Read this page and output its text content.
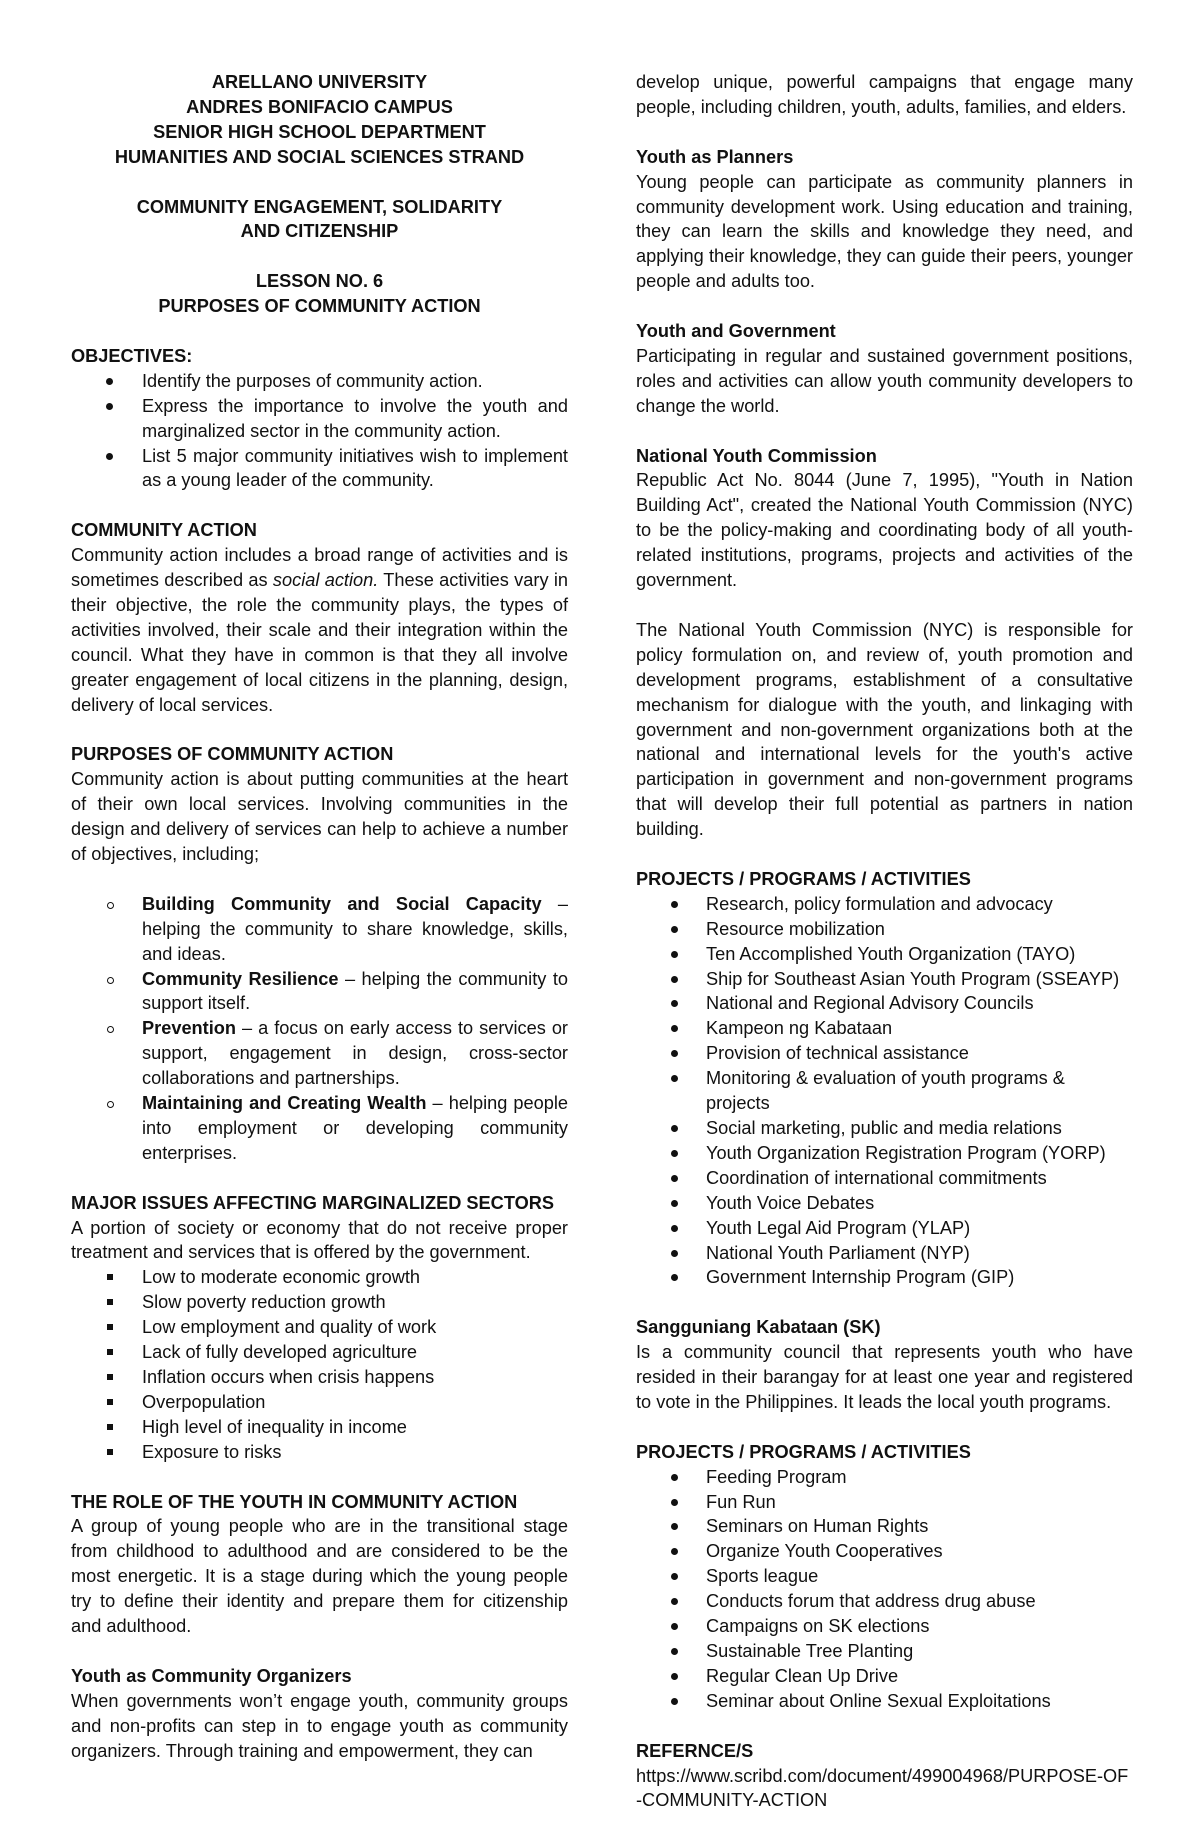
ARELLANO UNIVERSITY
ANDRES BONIFACIO CAMPUS
SENIOR HIGH SCHOOL DEPARTMENT
HUMANITIES AND SOCIAL SCIENCES STRAND
COMMUNITY ENGAGEMENT, SOLIDARITY
AND CITIZENSHIP
LESSON NO. 6
PURPOSES OF COMMUNITY ACTION
OBJECTIVES:
Identify the purposes of community action.
Express the importance to involve the youth and marginalized sector in the community action.
List 5 major community initiatives wish to implement as a young leader of the community.
COMMUNITY ACTION
Community action includes a broad range of activities and is sometimes described as social action. These activities vary in their objective, the role the community plays, the types of activities involved, their scale and their integration within the council. What they have in common is that they all involve greater engagement of local citizens in the planning, design, delivery of local services.
PURPOSES OF COMMUNITY ACTION
Community action is about putting communities at the heart of their own local services. Involving communities in the design and delivery of services can help to achieve a number of objectives, including;
Building Community and Social Capacity – helping the community to share knowledge, skills, and ideas.
Community Resilience – helping the community to support itself.
Prevention – a focus on early access to services or support, engagement in design, cross-sector collaborations and partnerships.
Maintaining and Creating Wealth – helping people into employment or developing community enterprises.
MAJOR ISSUES AFFECTING MARGINALIZED SECTORS
A portion of society or economy that do not receive proper treatment and services that is offered by the government.
Low to moderate economic growth
Slow poverty reduction growth
Low employment and quality of work
Lack of fully developed agriculture
Inflation occurs when crisis happens
Overpopulation
High level of inequality in income
Exposure to risks
THE ROLE OF THE YOUTH IN COMMUNITY ACTION
A group of young people who are in the transitional stage from childhood to adulthood and are considered to be the most energetic. It is a stage during which the young people try to define their identity and prepare them for citizenship and adulthood.
Youth as Community Organizers
When governments won’t engage youth, community groups and non-profits can step in to engage youth as community organizers. Through training and empowerment, they can
develop unique, powerful campaigns that engage many people, including children, youth, adults, families, and elders.
Youth as Planners
Young people can participate as community planners in community development work. Using education and training, they can learn the skills and knowledge they need, and applying their knowledge, they can guide their peers, younger people and adults too.
Youth and Government
Participating in regular and sustained government positions, roles and activities can allow youth community developers to change the world.
National Youth Commission
Republic Act No. 8044 (June 7, 1995), "Youth in Nation Building Act", created the National Youth Commission (NYC) to be the policy-making and coordinating body of all youth-related institutions, programs, projects and activities of the government.
The National Youth Commission (NYC) is responsible for policy formulation on, and review of, youth promotion and development programs, establishment of a consultative mechanism for dialogue with the youth, and linkaging with government and non-government organizations both at the national and international levels for the youth's active participation in government and non-government programs that will develop their full potential as partners in nation building.
PROJECTS / PROGRAMS / ACTIVITIES
Research, policy formulation and advocacy
Resource mobilization
Ten Accomplished Youth Organization (TAYO)
Ship for Southeast Asian Youth Program (SSEAYP)
National and Regional Advisory Councils
Kampeon ng Kabataan
Provision of technical assistance
Monitoring & evaluation of youth programs & projects
Social marketing, public and media relations
Youth Organization Registration Program (YORP)
Coordination of international commitments
Youth Voice Debates
Youth Legal Aid Program (YLAP)
National Youth Parliament (NYP)
Government Internship Program (GIP)
Sangguniang Kabataan (SK)
Is a community council that represents youth who have resided in their barangay for at least one year and registered to vote in the Philippines. It leads the local youth programs.
PROJECTS / PROGRAMS / ACTIVITIES
Feeding Program
Fun Run
Seminars on Human Rights
Organize Youth Cooperatives
Sports league
Conducts forum that address drug abuse
Campaigns on SK elections
Sustainable Tree Planting
Regular Clean Up Drive
Seminar about Online Sexual Exploitations
REFERNCE/S
https://www.scribd.com/document/499004968/PURPOSE-OF-COMMUNITY-ACTION
